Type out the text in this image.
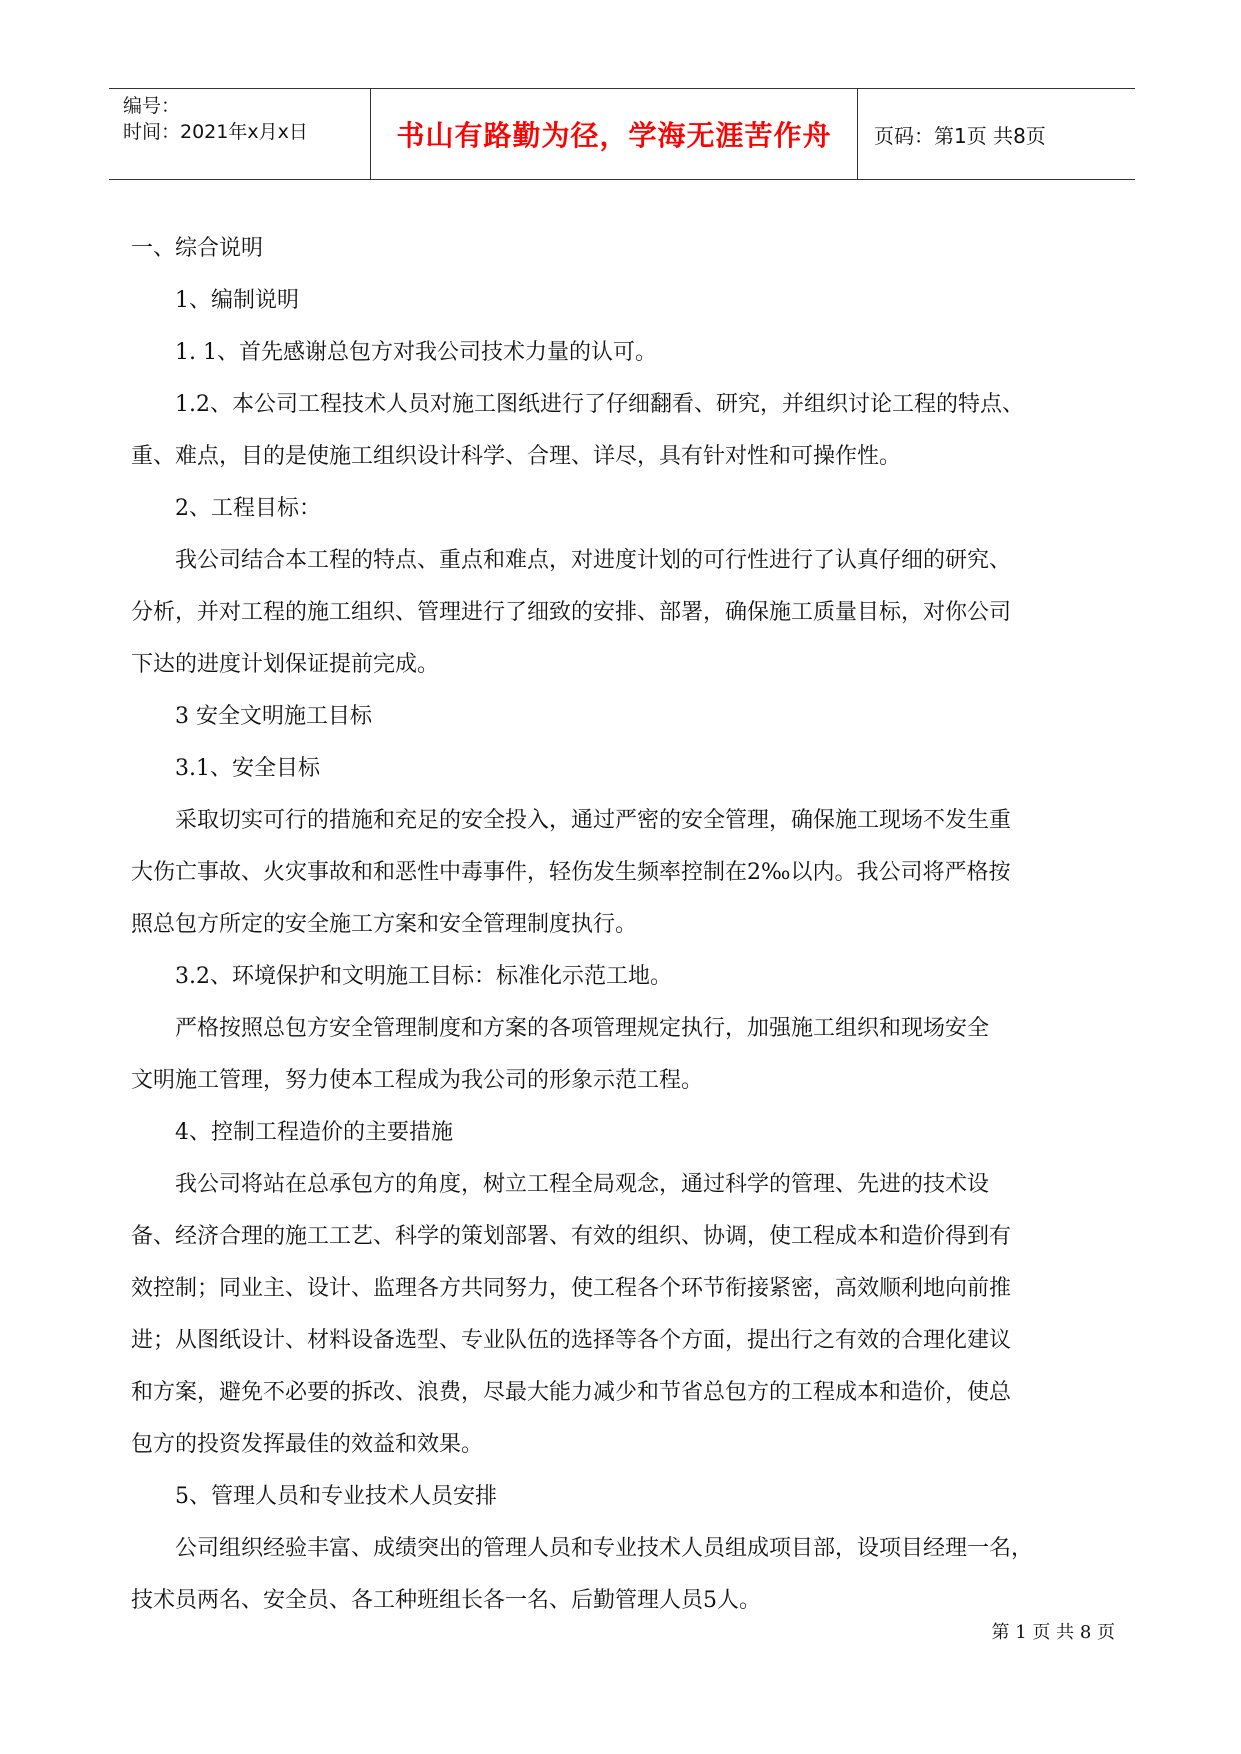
编号：
时间：2021年x月x日	书山有路勤为径，学海无涯苦作舟 页码：第1页 共8页

一、综合说明

1、编制说明

1. 1、首先感谢总包方对我公司技术力量的认可。

1.2、本公司工程技术人员对施工图纸进行了仔细翻看、研究，并组织讨论工程的特点、

重、难点，目的是使施工组织设计科学、合理、详尽，具有针对性和可操作性。

2、工程目标：

我公司结合本工程的特点、重点和难点，对进度计划的可行性进行了认真仔细的研究、

分析，并对工程的施工组织、管理进行了细致的安排、部署，确保施工质量目标，对你公司

下达的进度计划保证提前完成。

3 安全文明施工目标

3.1、安全目标

采取切实可行的措施和充足的安全投入，通过严密的安全管理，确保施工现场不发生重

大伤亡事故、火灾事故和和恶性中毒事件，轻伤发生频率控制在2‰以内。我公司将严格按

照总包方所定的安全施工方案和安全管理制度执行。

3.2、环境保护和文明施工目标：标准化示范工地。

严格按照总包方安全管理制度和方案的各项管理规定执行，加强施工组织和现场安全

文明施工管理，努力使本工程成为我公司的形象示范工程。

4、控制工程造价的主要措施

我公司将站在总承包方的角度，树立工程全局观念，通过科学的管理、先进的技术设

备、经济合理的施工工艺、科学的策划部署、有效的组织、协调，使工程成本和造价得到有

效控制；同业主、设计、监理各方共同努力，使工程各个环节衔接紧密，高效顺利地向前推

进；从图纸设计、材料设备选型、专业队伍的选择等各个方面，提出行之有效的合理化建议

和方案，避免不必要的拆改、浪费，尽最大能力减少和节省总包方的工程成本和造价，使总

包方的投资发挥最佳的效益和效果。

5、管理人员和专业技术人员安排

公司组织经验丰富、成绩突出的管理人员和专业技术人员组成项目部，设项目经理一名，

技术员两名、安全员、各工种班组长各一名、后勤管理人员5人。

第 1 页 共 8 页
